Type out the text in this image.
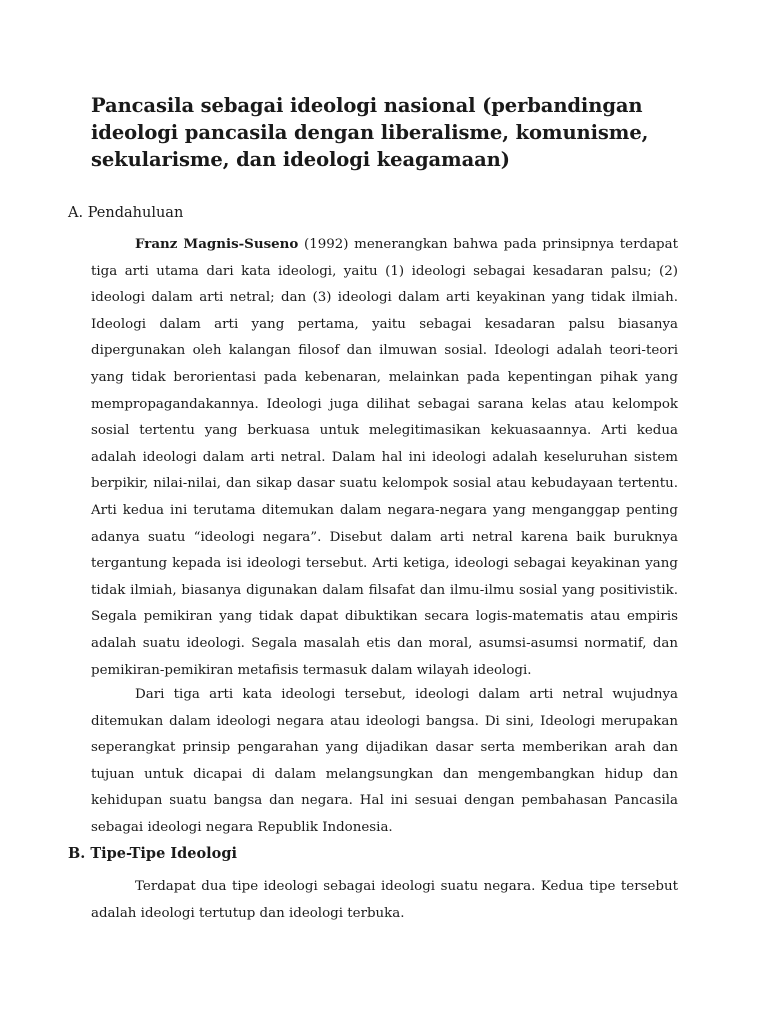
Pancasila sebagai ideologi nasional (perbandingan ideologi pancasila dengan liberalisme, komunisme, sekularisme, dan ideologi keagamaan)
A. Pendahuluan

Franz Magnis-Suseno (1992) menerangkan bahwa pada prinsipnya terdapat tiga arti utama dari kata ideologi, yaitu (1) ideologi sebagai kesadaran palsu; (2) ideologi dalam arti netral; dan (3) ideologi dalam arti keyakinan yang tidak ilmiah. Ideologi dalam arti yang pertama, yaitu sebagai kesadaran palsu biasanya dipergunakan oleh kalangan filosof dan ilmuwan sosial. Ideologi adalah teori-teori yang tidak berorientasi pada kebenaran, melainkan pada kepentingan pihak yang mempropagandakannya. Ideologi juga dilihat sebagai sarana kelas atau kelompok sosial tertentu yang berkuasa untuk melegitimasikan kekuasaannya. Arti kedua adalah ideologi dalam arti netral. Dalam hal ini ideologi adalah keseluruhan sistem berpikir, nilai-nilai, dan sikap dasar suatu kelompok sosial atau kebudayaan tertentu. Arti kedua ini terutama ditemukan dalam negara-negara yang menganggap penting adanya suatu “ideologi negara”. Disebut dalam arti netral karena baik buruknya tergantung kepada isi ideologi tersebut. Arti ketiga, ideologi sebagai keyakinan yang tidak ilmiah, biasanya digunakan dalam filsafat dan ilmu-ilmu sosial yang positivistik. Segala pemikiran yang tidak dapat dibuktikan secara logis-matematis atau empiris adalah suatu ideologi. Segala masalah etis dan moral, asumsi-asumsi normatif, dan pemikiran-pemikiran metafisis termasuk dalam wilayah ideologi.

Dari tiga arti kata ideologi tersebut, ideologi dalam arti netral wujudnya ditemukan dalam ideologi negara atau ideologi bangsa. Di sini, Ideologi merupakan seperangkat prinsip pengarahan yang dijadikan dasar serta memberikan arah dan tujuan untuk dicapai di dalam melangsungkan dan mengembangkan hidup dan kehidupan suatu bangsa dan negara. Hal ini sesuai dengan pembahasan Pancasila sebagai ideologi negara Republik Indonesia.

B. Tipe-Tipe Ideologi

Terdapat dua tipe ideologi sebagai ideologi suatu negara. Kedua tipe tersebut adalah ideologi tertutup dan ideologi terbuka.
